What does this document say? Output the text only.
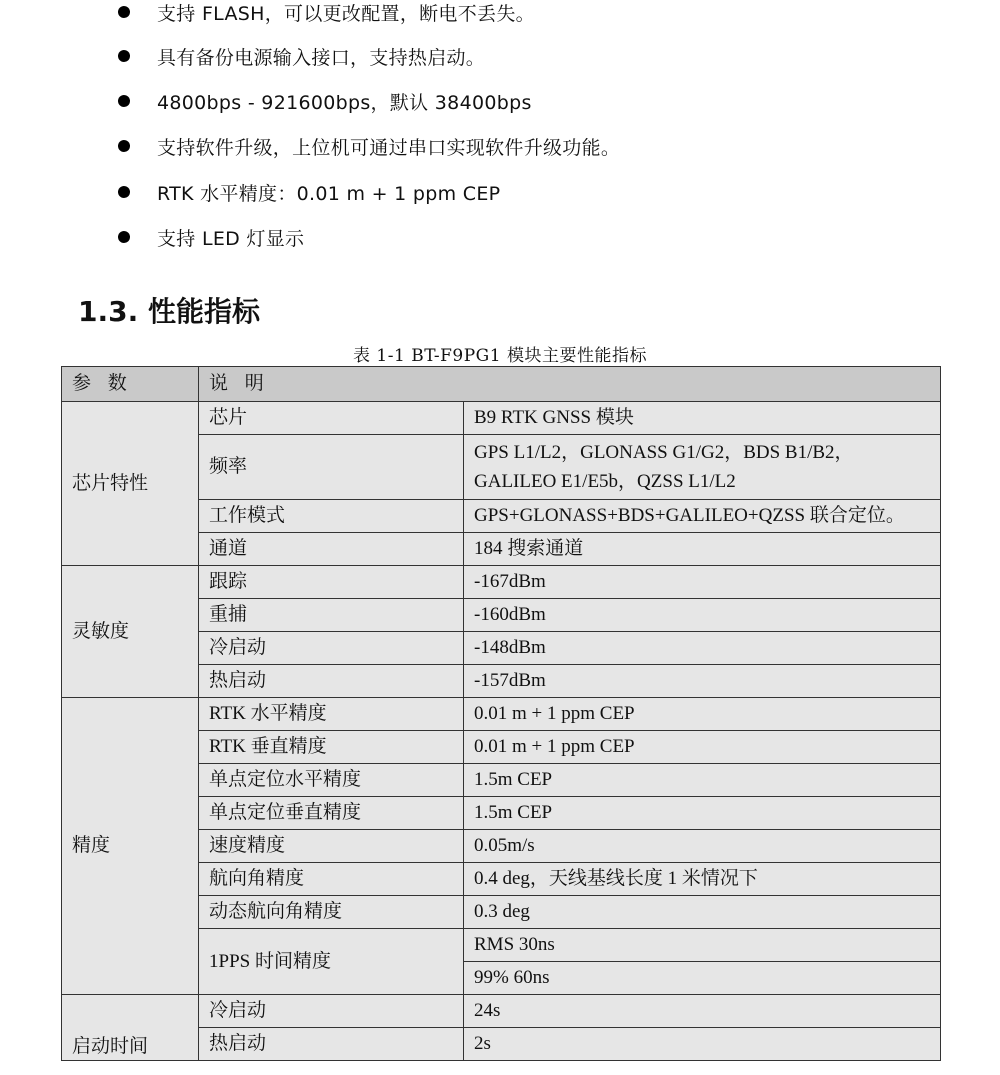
支持 FLASH，可以更改配置，断电不丢失。
具有备份电源输入接口，支持热启动。
4800bps - 921600bps，默认 38400bps
支持软件升级，上位机可通过串口实现软件升级功能。
RTK 水平精度：0.01 m + 1 ppm CEP
支持 LED 灯显示
1.3. 性能指标
表 1-1 BT-F9PG1 模块主要性能指标
参 数	说 明	
芯片特性	芯片	B9 RTK GNSS 模块
	频率	GPS L1/L2，GLONASS G1/G2，BDS B1/B2，
GALILEO E1/E5b，QZSS L1/L2

	工作模式	GPS+GLONASS+BDS+GALILEO+QZSS 联合定位。
	通道	184 搜索通道
灵敏度	跟踪	-167dBm
	重捕	-160dBm
	冷启动	-148dBm
	热启动	-157dBm
精度	RTK 水平精度	0.01 m + 1 ppm CEP
	RTK 垂直精度	0.01 m + 1 ppm CEP
	单点定位水平精度	1.5m CEP
	单点定位垂直精度	1.5m CEP
	速度精度	0.05m/s
	航向角精度	0.4 deg，天线基线长度 1 米情况下
	动态航向角精度	0.3 deg
	1PPS 时间精度	RMS 30ns
		99% 60ns
启动时间	冷启动	24s
	热启动	2s
